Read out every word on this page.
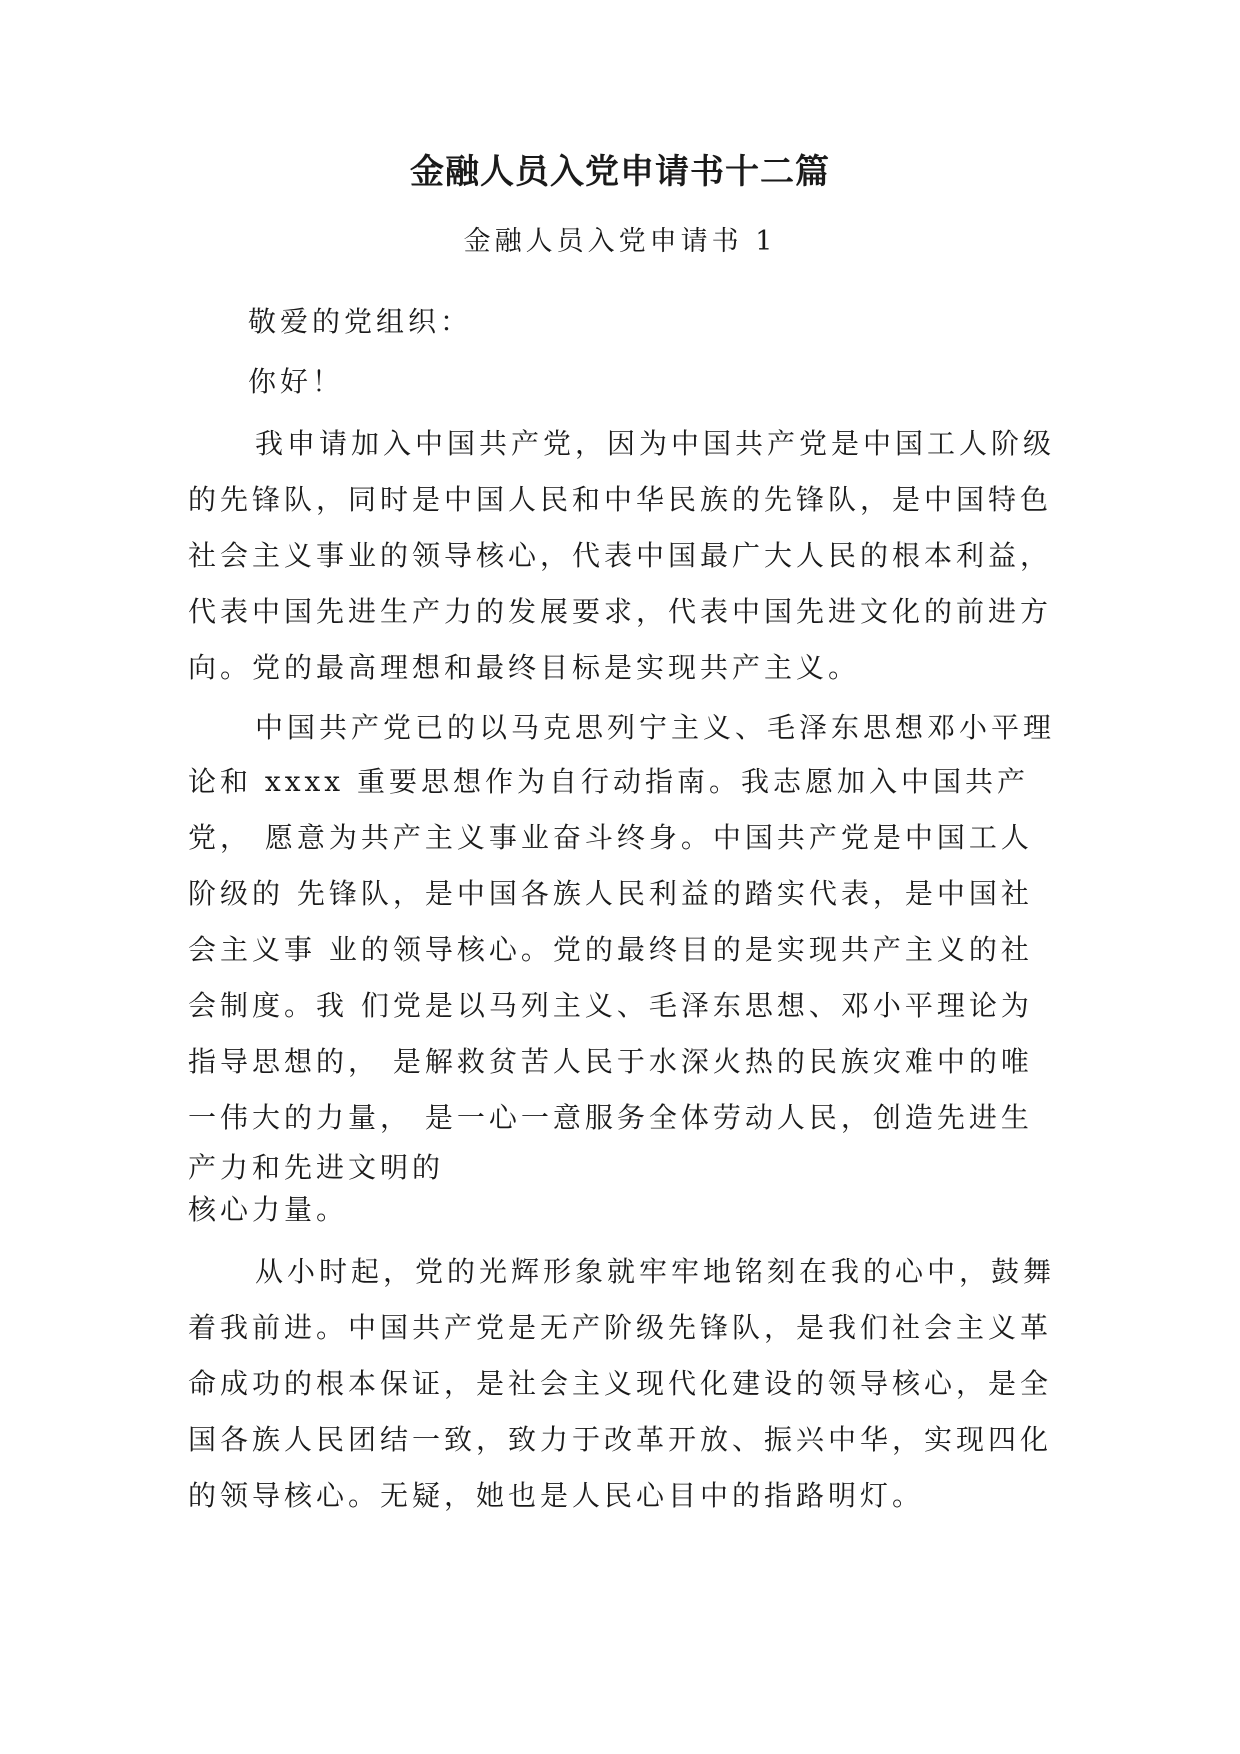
金融人员入党申请书十二篇
金融人员入党申请书 1
敬爱的党组织：
你好！
我申请加入中国共产党，因为中国共产党是中国工人阶级
的先锋队，同时是中国人民和中华民族的先锋队，是中国特色
社会主义事业的领导核心，代表中国最广大人民的根本利益，
代表中国先进生产力的发展要求，代表中国先进文化的前进方
向。党的最高理想和最终目标是实现共产主义。
中国共产党已的以马克思列宁主义、毛泽东思想邓小平理
论和 xxxx 重要思想作为自行动指南。我志愿加入中国共产
党， 愿意为共产主义事业奋斗终身。中国共产党是中国工人
阶级的 先锋队，是中国各族人民利益的踏实代表，是中国社
会主义事 业的领导核心。党的最终目的是实现共产主义的社
会制度。我 们党是以马列主义、毛泽东思想、邓小平理论为
指导思想的， 是解救贫苦人民于水深火热的民族灾难中的唯
一伟大的力量， 是一心一意服务全体劳动人民，创造先进生
产力和先进文明的
核心力量。
从小时起，党的光辉形象就牢牢地铭刻在我的心中，鼓舞
着我前进。中国共产党是无产阶级先锋队，是我们社会主义革
命成功的根本保证，是社会主义现代化建设的领导核心，是全
国各族人民团结一致，致力于改革开放、振兴中华，实现四化
的领导核心。无疑，她也是人民心目中的指路明灯。
